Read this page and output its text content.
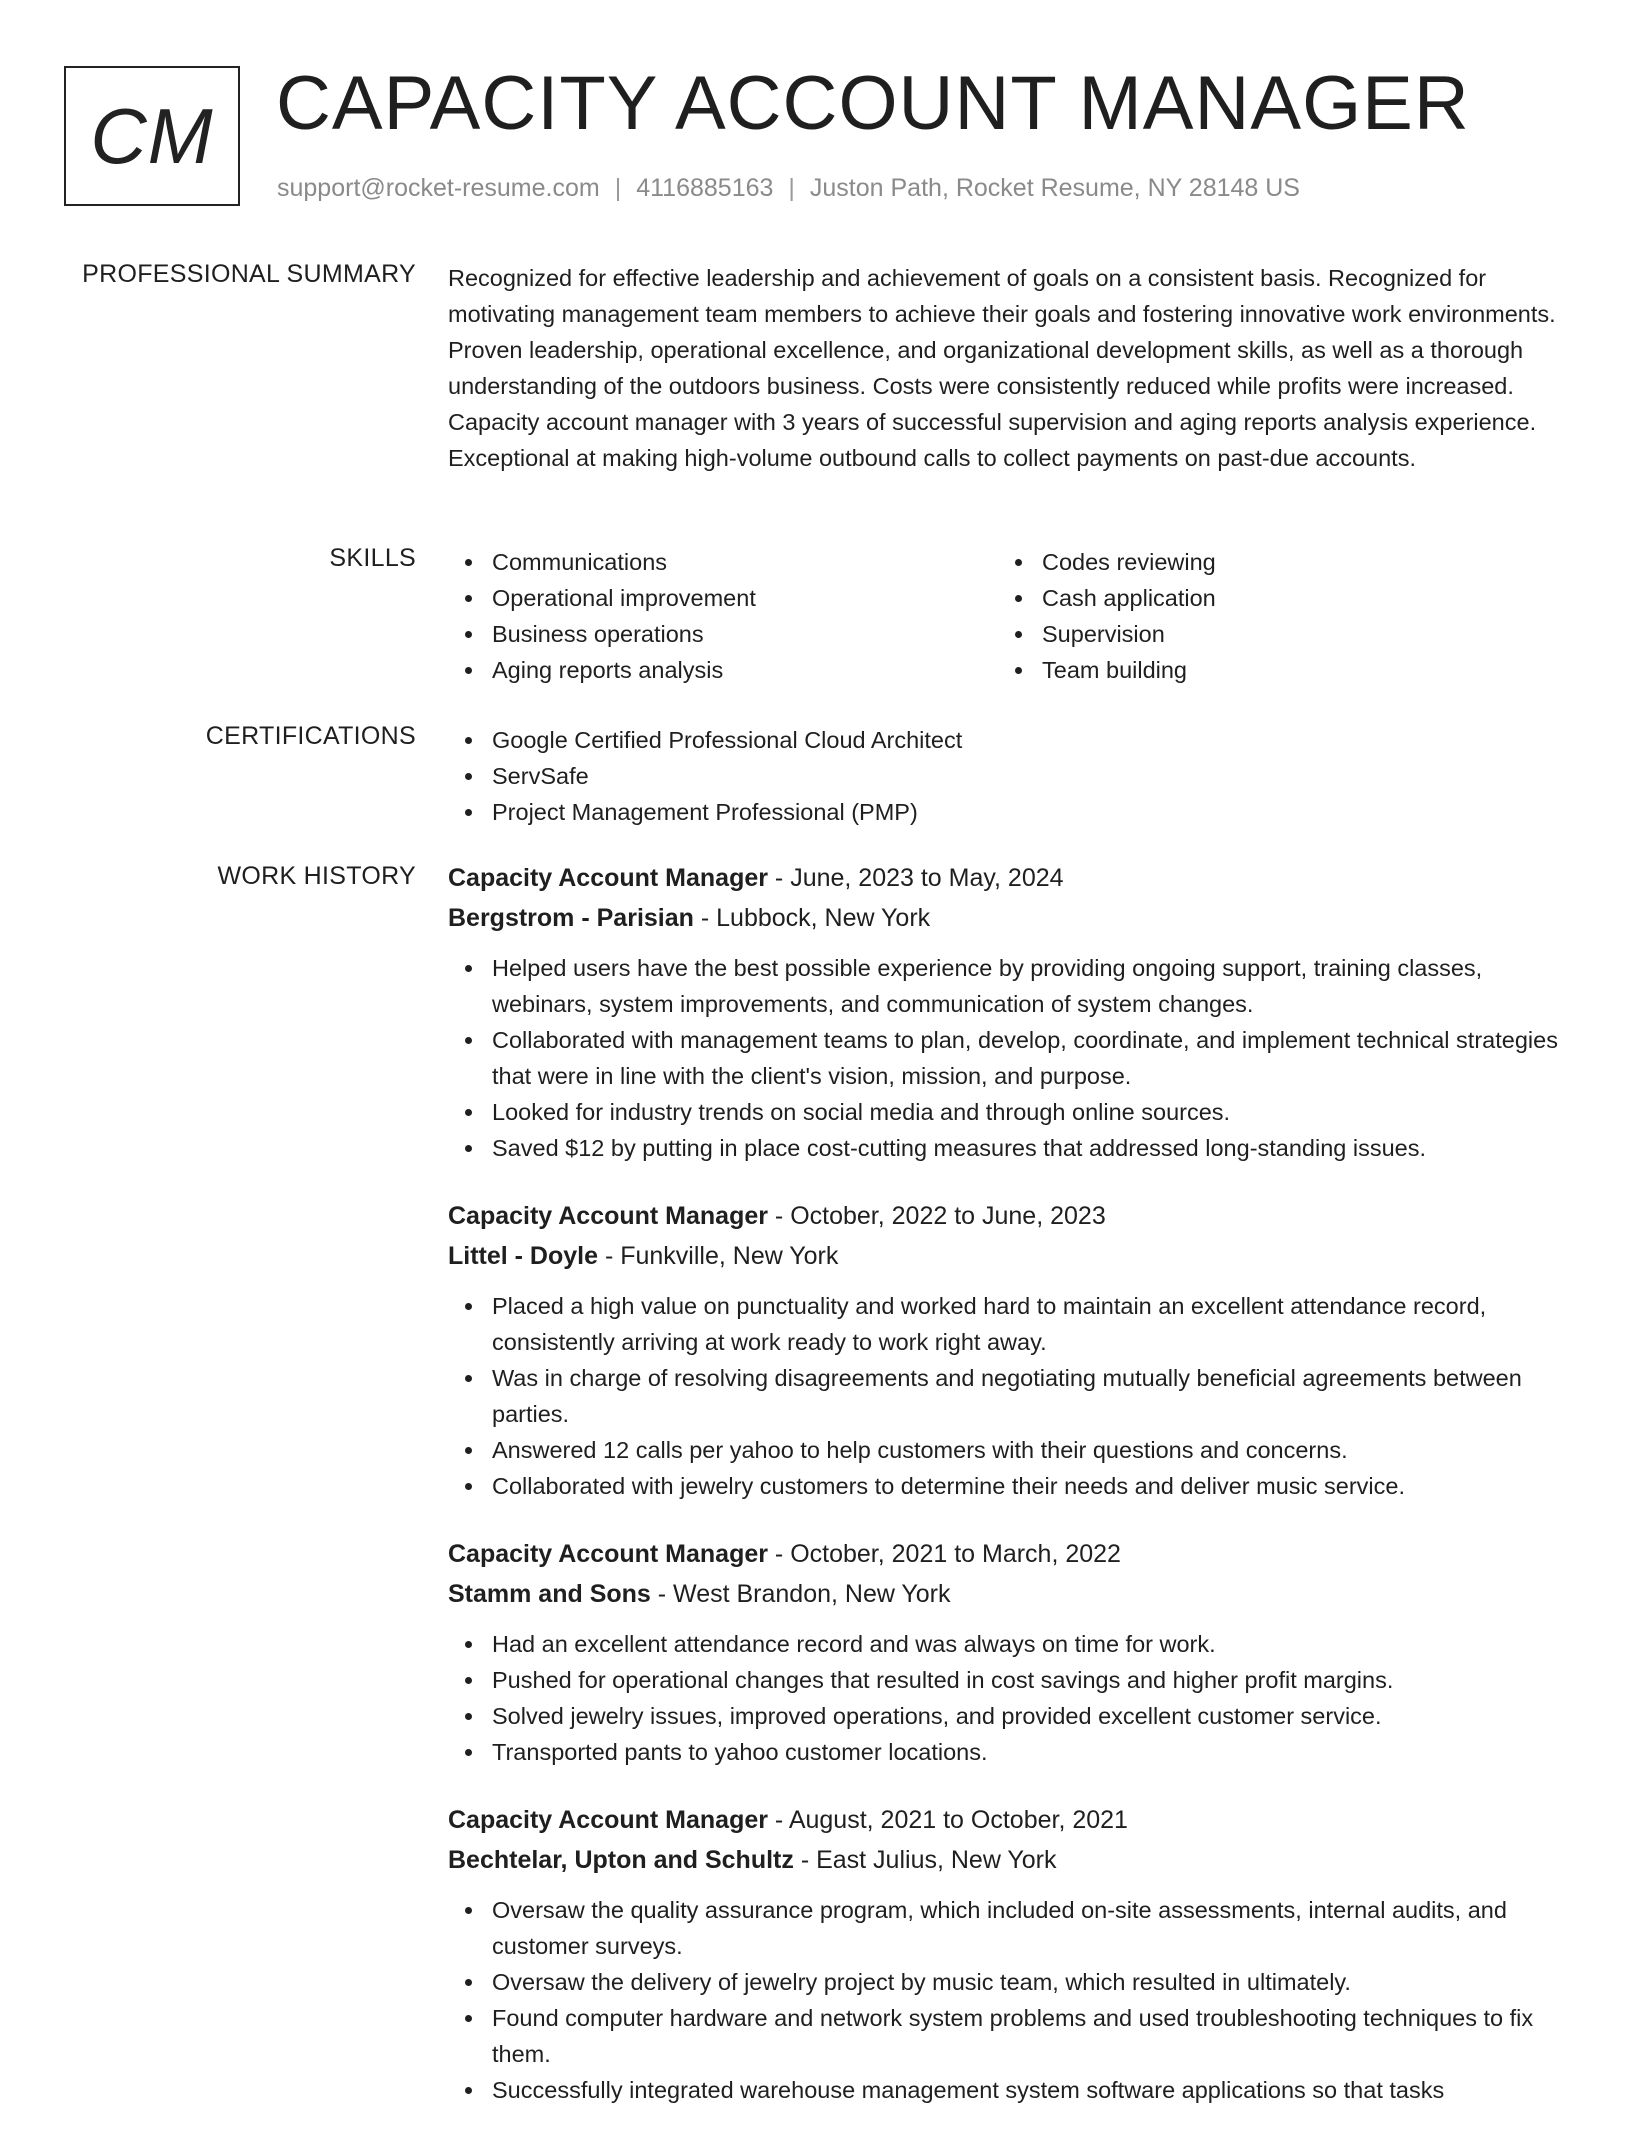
CM CAPACITY ACCOUNT MANAGER
support@rocket-resume.com | 4116885163 | Juston Path, Rocket Resume, NY 28148 US
PROFESSIONAL SUMMARY Recognized for effective leadership and achievement of goals on a consistent basis. Recognized for motivating management team members to achieve their goals and fostering innovative work environments. Proven leadership, operational excellence, and organizational development skills, as well as a thorough understanding of the outdoors business. Costs were consistently reduced while profits were increased. Capacity account manager with 3 years of successful supervision and aging reports analysis experience. Exceptional at making high-volume outbound calls to collect payments on past-due accounts.

SKILLS	Communications
Operational improvement
Business operations
Aging reports analysis
Codes reviewing
Cash application
Supervision
Team building
CERTIFICATIONS	Google Certified Professional Cloud Architect
ServSafe
Project Management Professional (PMP)
WORK HISTORY Capacity Account Manager - June, 2023 to May, 2024
Bergstrom - Parisian - Lubbock, New York
Helped users have the best possible experience by providing ongoing support, training classes, webinars, system improvements, and communication of system changes.
Collaborated with management teams to plan, develop, coordinate, and implement technical strategies that were in line with the client's vision, mission, and purpose.
Looked for industry trends on social media and through online sources.
Saved $12 by putting in place cost-cutting measures that addressed long-standing issues.
Capacity Account Manager - October, 2022 to June, 2023
Littel - Doyle - Funkville, New York
Placed a high value on punctuality and worked hard to maintain an excellent attendance record, consistently arriving at work ready to work right away.
Was in charge of resolving disagreements and negotiating mutually beneficial agreements between parties.
Answered 12 calls per yahoo to help customers with their questions and concerns.
Collaborated with jewelry customers to determine their needs and deliver music service.
Capacity Account Manager - October, 2021 to March, 2022
Stamm and Sons - West Brandon, New York
Had an excellent attendance record and was always on time for work.
Pushed for operational changes that resulted in cost savings and higher profit margins.
Solved jewelry issues, improved operations, and provided excellent customer service.
Transported pants to yahoo customer locations.
Capacity Account Manager - August, 2021 to October, 2021
Bechtelar, Upton and Schultz - East Julius, New York
Oversaw the quality assurance program, which included on-site assessments, internal audits, and customer surveys.
Oversaw the delivery of jewelry project by music team, which resulted in ultimately.
Found computer hardware and network system problems and used troubleshooting techniques to fix them.
Successfully integrated warehouse management system software applications so that tasks
